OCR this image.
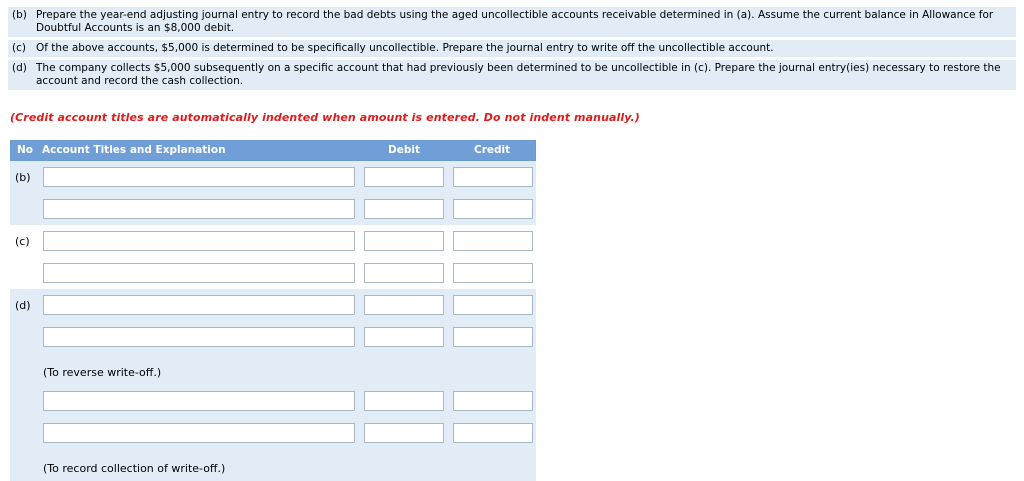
(b) Prepare the year-end adjusting journal entry to record the bad debts using the aged uncollectible accounts receivable determined in (a). Assume the current balance in Allowance for Doubtful Accounts is an $8,000 debit.
(c) Of the above accounts, $5,000 is determined to be specifically uncollectible. Prepare the journal entry to write off the uncollectible account.
(d) The company collects $5,000 subsequently on a specific account that had previously been determined to be uncollectible in (c). Prepare the journal entry(ies) necessary to restore the account and record the cash collection.
(Credit account titles are automatically indented when amount is entered. Do not indent manually.)
No Account Titles and Explanation	Debit	Credit
(b)
(c)
(d)
(To reverse write-off.)
(To record collection of write-off.)
